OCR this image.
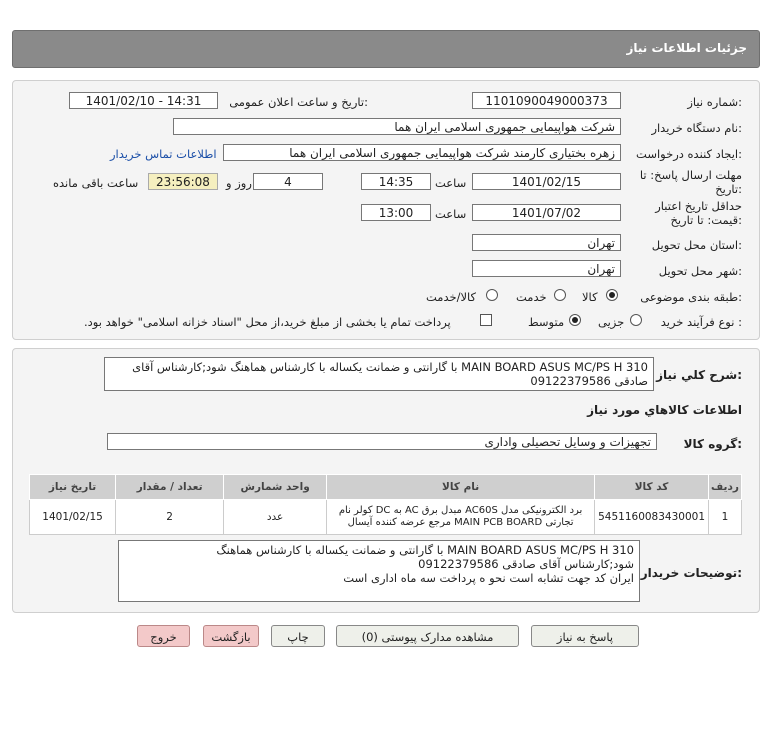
جزئیات اطلاعات نیاز
شماره نیاز:
1101090049000373
تاریخ و ساعت اعلان عمومی:
1401/02/10 - 14:31
نام دستگاه خریدار:
شرکت هواپیمایی جمهوری اسلامی ایران هما
ایجاد کننده درخواست:
زهره بختیاری کارمند شرکت هواپیمایی جمهوری اسلامی ایران هما
اطلاعات تماس خریدار
مهلت ارسال پاسخ: تا
تاریخ:
1401/02/15
ساعت
14:35
4
روز و
23:56:08
ساعت باقی مانده
حداقل تاریخ اعتبار
قیمت: تا تاریخ:
1401/07/02
ساعت
13:00
استان محل تحویل:
تهران
شهر محل تحویل:
تهران
طبقه بندی موضوعی:
کالا
خدمت
کالا/خدمت
نوع فرآیند خرید :
جزیی
متوسط
پرداخت تمام یا بخشی از مبلغ خرید،از محل "اسناد خزانه اسلامی" خواهد بود.
شرح کلي نياز:
MAIN BOARD ASUS MC/PS H 310 با گارانتی و ضمانت یکساله با کارشناس هماهنگ شود;کارشناس آقای صادقی 09122379586
اطلاعات کالاهاي مورد نياز
گروه کالا:
تجهیزات و وسایل تحصیلی واداری
ردیف	کد کالا	نام کالا	واحد شمارش	تعداد / مقدار	تاریخ نیاز
1	5451160083430001	برد الکترونیکی مدل AC60S مبدل برق AC به DC کولر نام تجارتی MAIN PCB BOARD مرجع عرضه کننده آیسال	عدد	2	1401/02/15
توضیحات خریدار:
MAIN BOARD ASUS MC/PS H 310 با گارانتی و ضمانت یکساله با کارشناس هماهنگ
شود;کارشناس آقای صادقی 09122379586
ایران کد جهت تشابه است نحو ه پرداخت سه ماه اداری است
پاسخ به نیاز
مشاهده مدارک پیوستی (0)
چاپ
بازگشت
خروج
